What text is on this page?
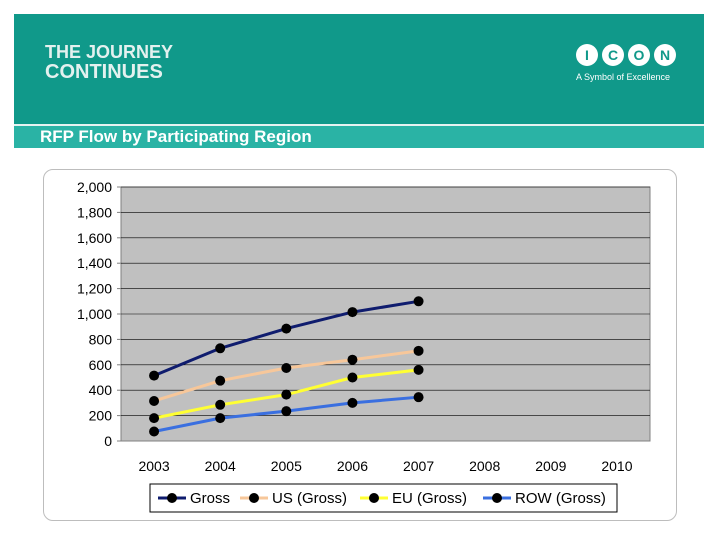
THE JOURNEY
CONTINUES
I	C	O	N
A Symbol of Excellence
RFP Flow by Participating Region
0
200
400
600
800
1,000
1,200
1,400
1,600
1,800
2,000
2003 2004 2005 2006 2007 2008 2009 2010
Gross	US (Gross)	EU (Gross)	ROW (Gross)
